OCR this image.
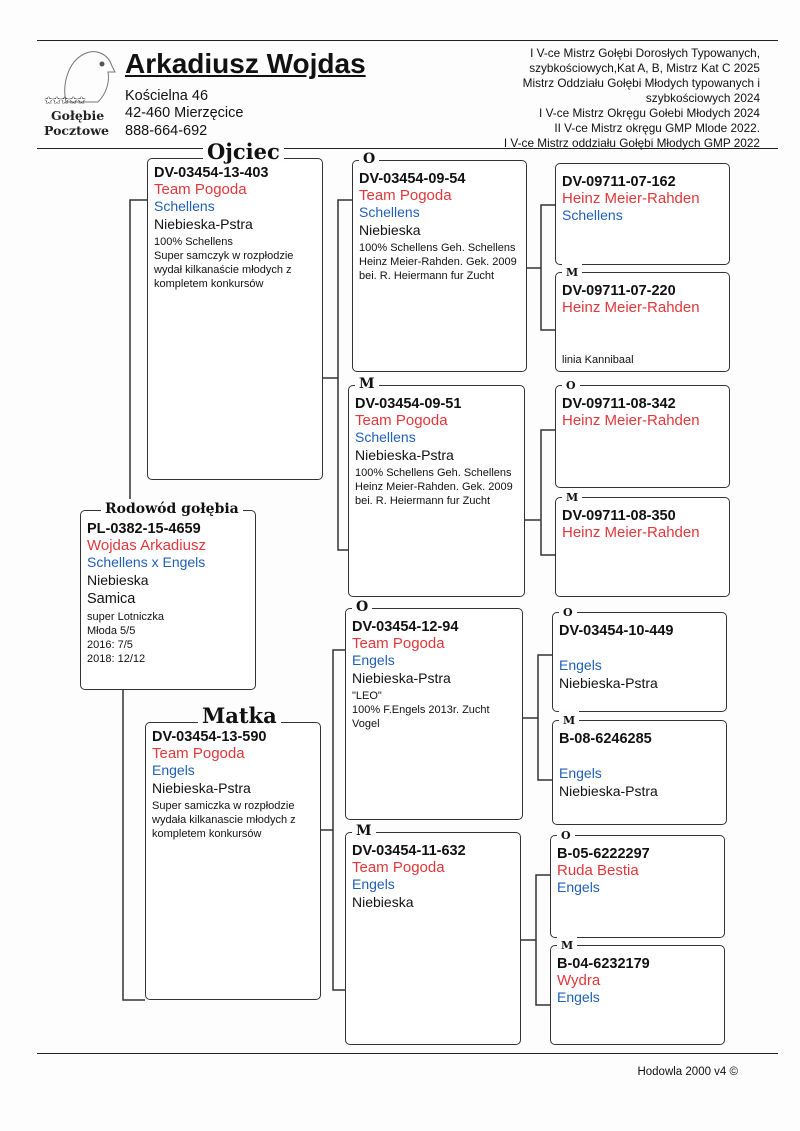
✩✩✩✩✩
Gołębie
Pocztowe
Arkadiusz Wojdas
Kościelna 46
42-460 Mierzęcice
888-664-692
I V-ce Mistrz Gołębi Dorosłych Typowanych,
szybkościowych,Kat A, B, Mistrz Kat C 2025
Mistrz Oddziału Gołębi Młodych typowanych i
szybkościowych 2024
I V-ce Mistrz Okręgu Gołebi Młodych 2024
II V-ce Mistrz okręgu GMP Mlode 2022.
I V-ce Mistrz oddziału Gołębi Młodych GMP 2022
Rodowód gołębia
PL-0382-15-4659
Wojdas Arkadiusz
Schellens x Engels
Niebieska
Samica
super Lotniczka
Młoda 5/5
2016: 7/5
2018: 12/12
Ojciec
DV-03454-13-403
Team Pogoda
Schellens
Niebieska-Pstra
100% Schellens
Super samczyk w rozpłodzie wydał kilkanaście młodych z kompletem konkursów
Matka
DV-03454-13-590
Team Pogoda
Engels
Niebieska-Pstra
Super samiczka w rozpłodzie wydała kilkanascie młodych z kompletem konkursów
O
DV-03454-09-54
Team Pogoda
Schellens
Niebieska
100% Schellens Geh. Schellens Heinz Meier-Rahden. Gek. 2009 bei. R. Heiermann fur Zucht
M
DV-03454-09-51
Team Pogoda
Schellens
Niebieska-Pstra
100% Schellens Geh. Schellens Heinz Meier-Rahden. Gek. 2009 bei. R. Heiermann fur Zucht
O
DV-03454-12-94
Team Pogoda
Engels
Niebieska-Pstra
"LEO"
100% F.Engels 2013r. Zucht Vogel
M
DV-03454-11-632
Team Pogoda
Engels
Niebieska
DV-09711-07-162
Heinz Meier-Rahden
Schellens
M
DV-09711-07-220
Heinz Meier-Rahden
linia Kannibaal
O
DV-09711-08-342
Heinz Meier-Rahden
M
DV-09711-08-350
Heinz Meier-Rahden
O
DV-03454-10-449
Engels
Niebieska-Pstra
M
B-08-6246285
Engels
Niebieska-Pstra
O
B-05-6222297
Ruda Bestia
Engels
M
B-04-6232179
Wydra
Engels
Hodowla 2000 v4 ©
